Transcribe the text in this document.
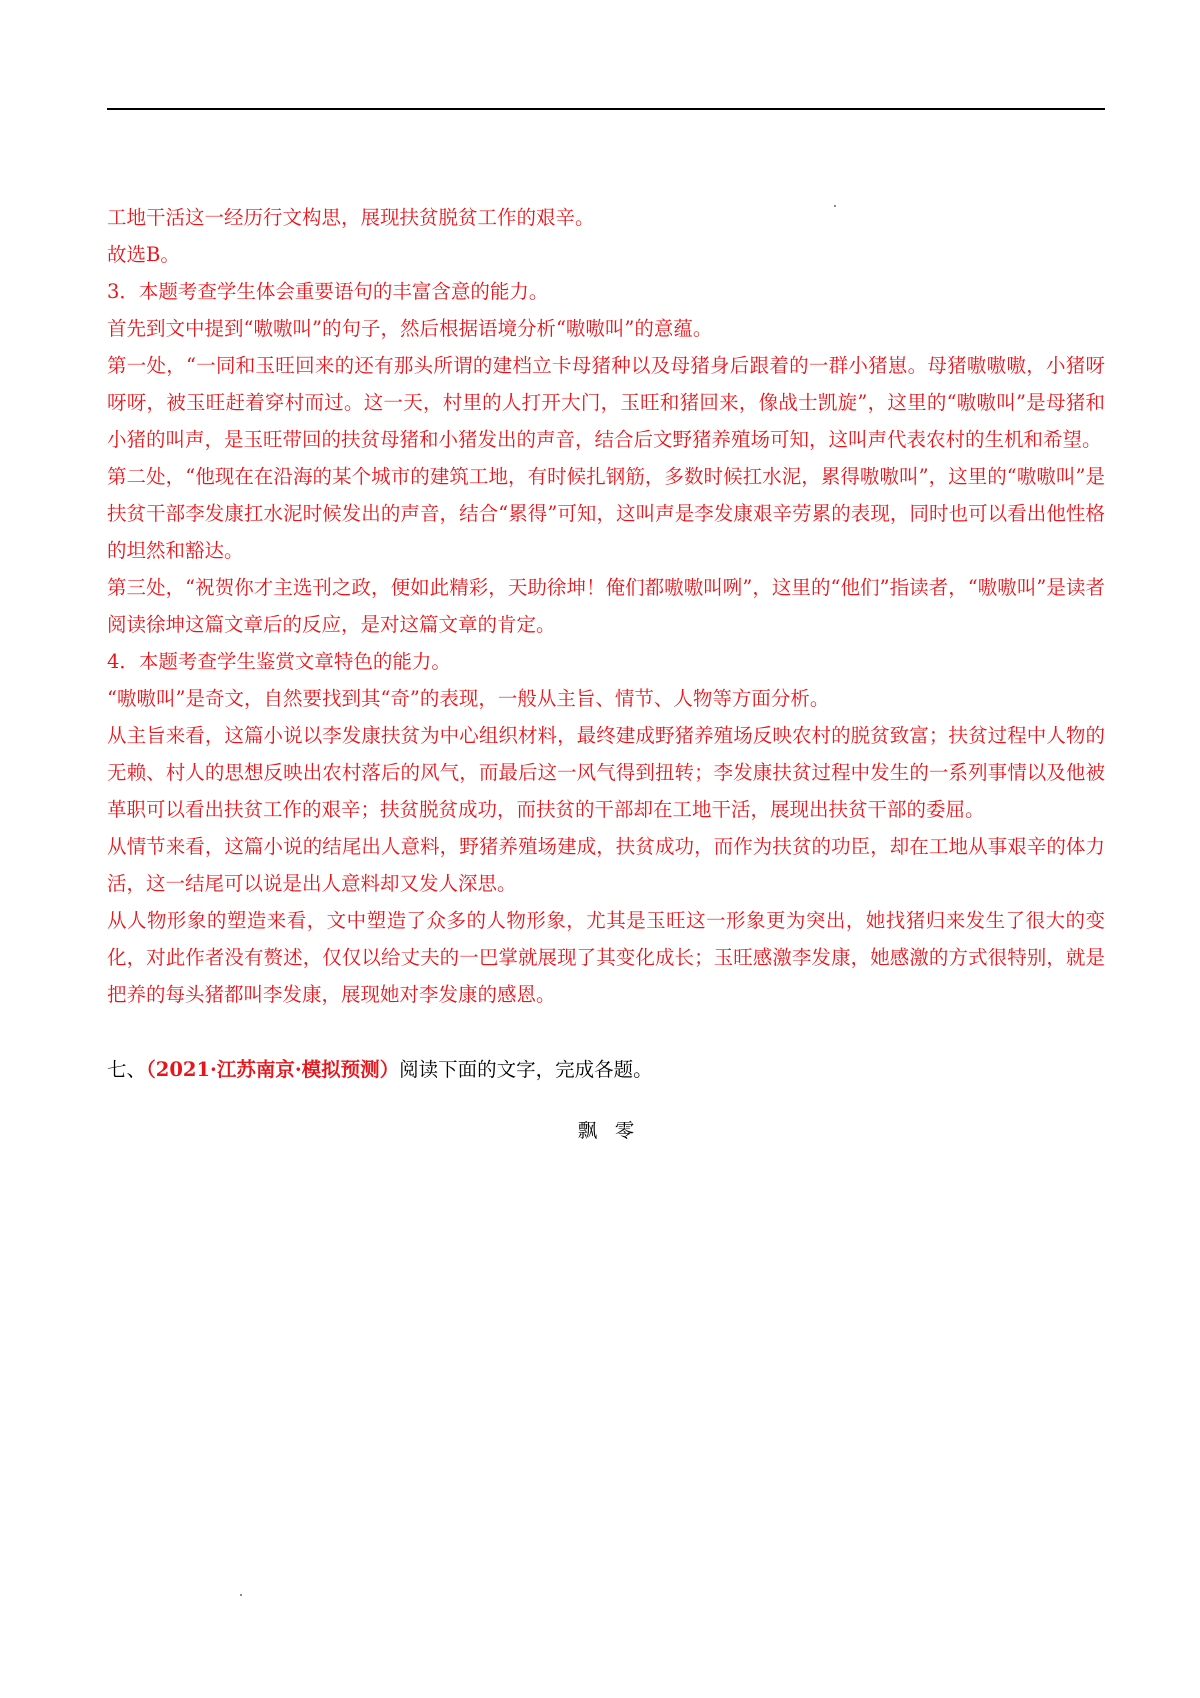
工地干活这一经历行文构思，展现扶贫脱贫工作的艰辛。

故选B。

3．本题考查学生体会重要语句的丰富含意的能力。

首先到文中提到“嗷嗷叫”的句子，然后根据语境分析“嗷嗷叫”的意蕴。

第一处，“一同和玉旺回来的还有那头所谓的建档立卡母猪种以及母猪身后跟着的一群小猪崽。母猪嗷嗷嗷，小猪呀呀呀，被玉旺赶着穿村而过。这一天，村里的人打开大门，玉旺和猪回来，像战士凯旋”，这里的“嗷嗷叫”是母猪和小猪的叫声，是玉旺带回的扶贫母猪和小猪发出的声音，结合后文野猪养殖场可知，这叫声代表农村的生机和希望。

第二处，“他现在在沿海的某个城市的建筑工地，有时候扎钢筋，多数时候扛水泥，累得嗷嗷叫”，这里的“嗷嗷叫”是扶贫干部李发康扛水泥时候发出的声音，结合“累得”可知，这叫声是李发康艰辛劳累的表现，同时也可以看出他性格的坦然和豁达。

第三处，“祝贺你才主选刊之政，便如此精彩，天助徐坤！俺们都嗷嗷叫咧”，这里的“他们”指读者，“嗷嗷叫”是读者阅读徐坤这篇文章后的反应，是对这篇文章的肯定。

4．本题考查学生鉴赏文章特色的能力。

“嗷嗷叫”是奇文，自然要找到其“奇”的表现，一般从主旨、情节、人物等方面分析。

从主旨来看，这篇小说以李发康扶贫为中心组织材料，最终建成野猪养殖场反映农村的脱贫致富；扶贫过程中人物的无赖、村人的思想反映出农村落后的风气，而最后这一风气得到扭转；李发康扶贫过程中发生的一系列事情以及他被革职可以看出扶贫工作的艰辛；扶贫脱贫成功，而扶贫的干部却在工地干活，展现出扶贫干部的委屈。

从情节来看，这篇小说的结尾出人意料，野猪养殖场建成，扶贫成功，而作为扶贫的功臣，却在工地从事艰辛的体力活，这一结尾可以说是出人意料却又发人深思。

从人物形象的塑造来看，文中塑造了众多的人物形象，尤其是玉旺这一形象更为突出，她找猪归来发生了很大的变化，对此作者没有赘述，仅仅以给丈夫的一巴掌就展现了其变化成长；玉旺感激李发康，她感激的方式很特别，就是把养的每头猪都叫李发康，展现她对李发康的感恩。

七、（2021·江苏南京·模拟预测）阅读下面的文字，完成各题。

飘零
